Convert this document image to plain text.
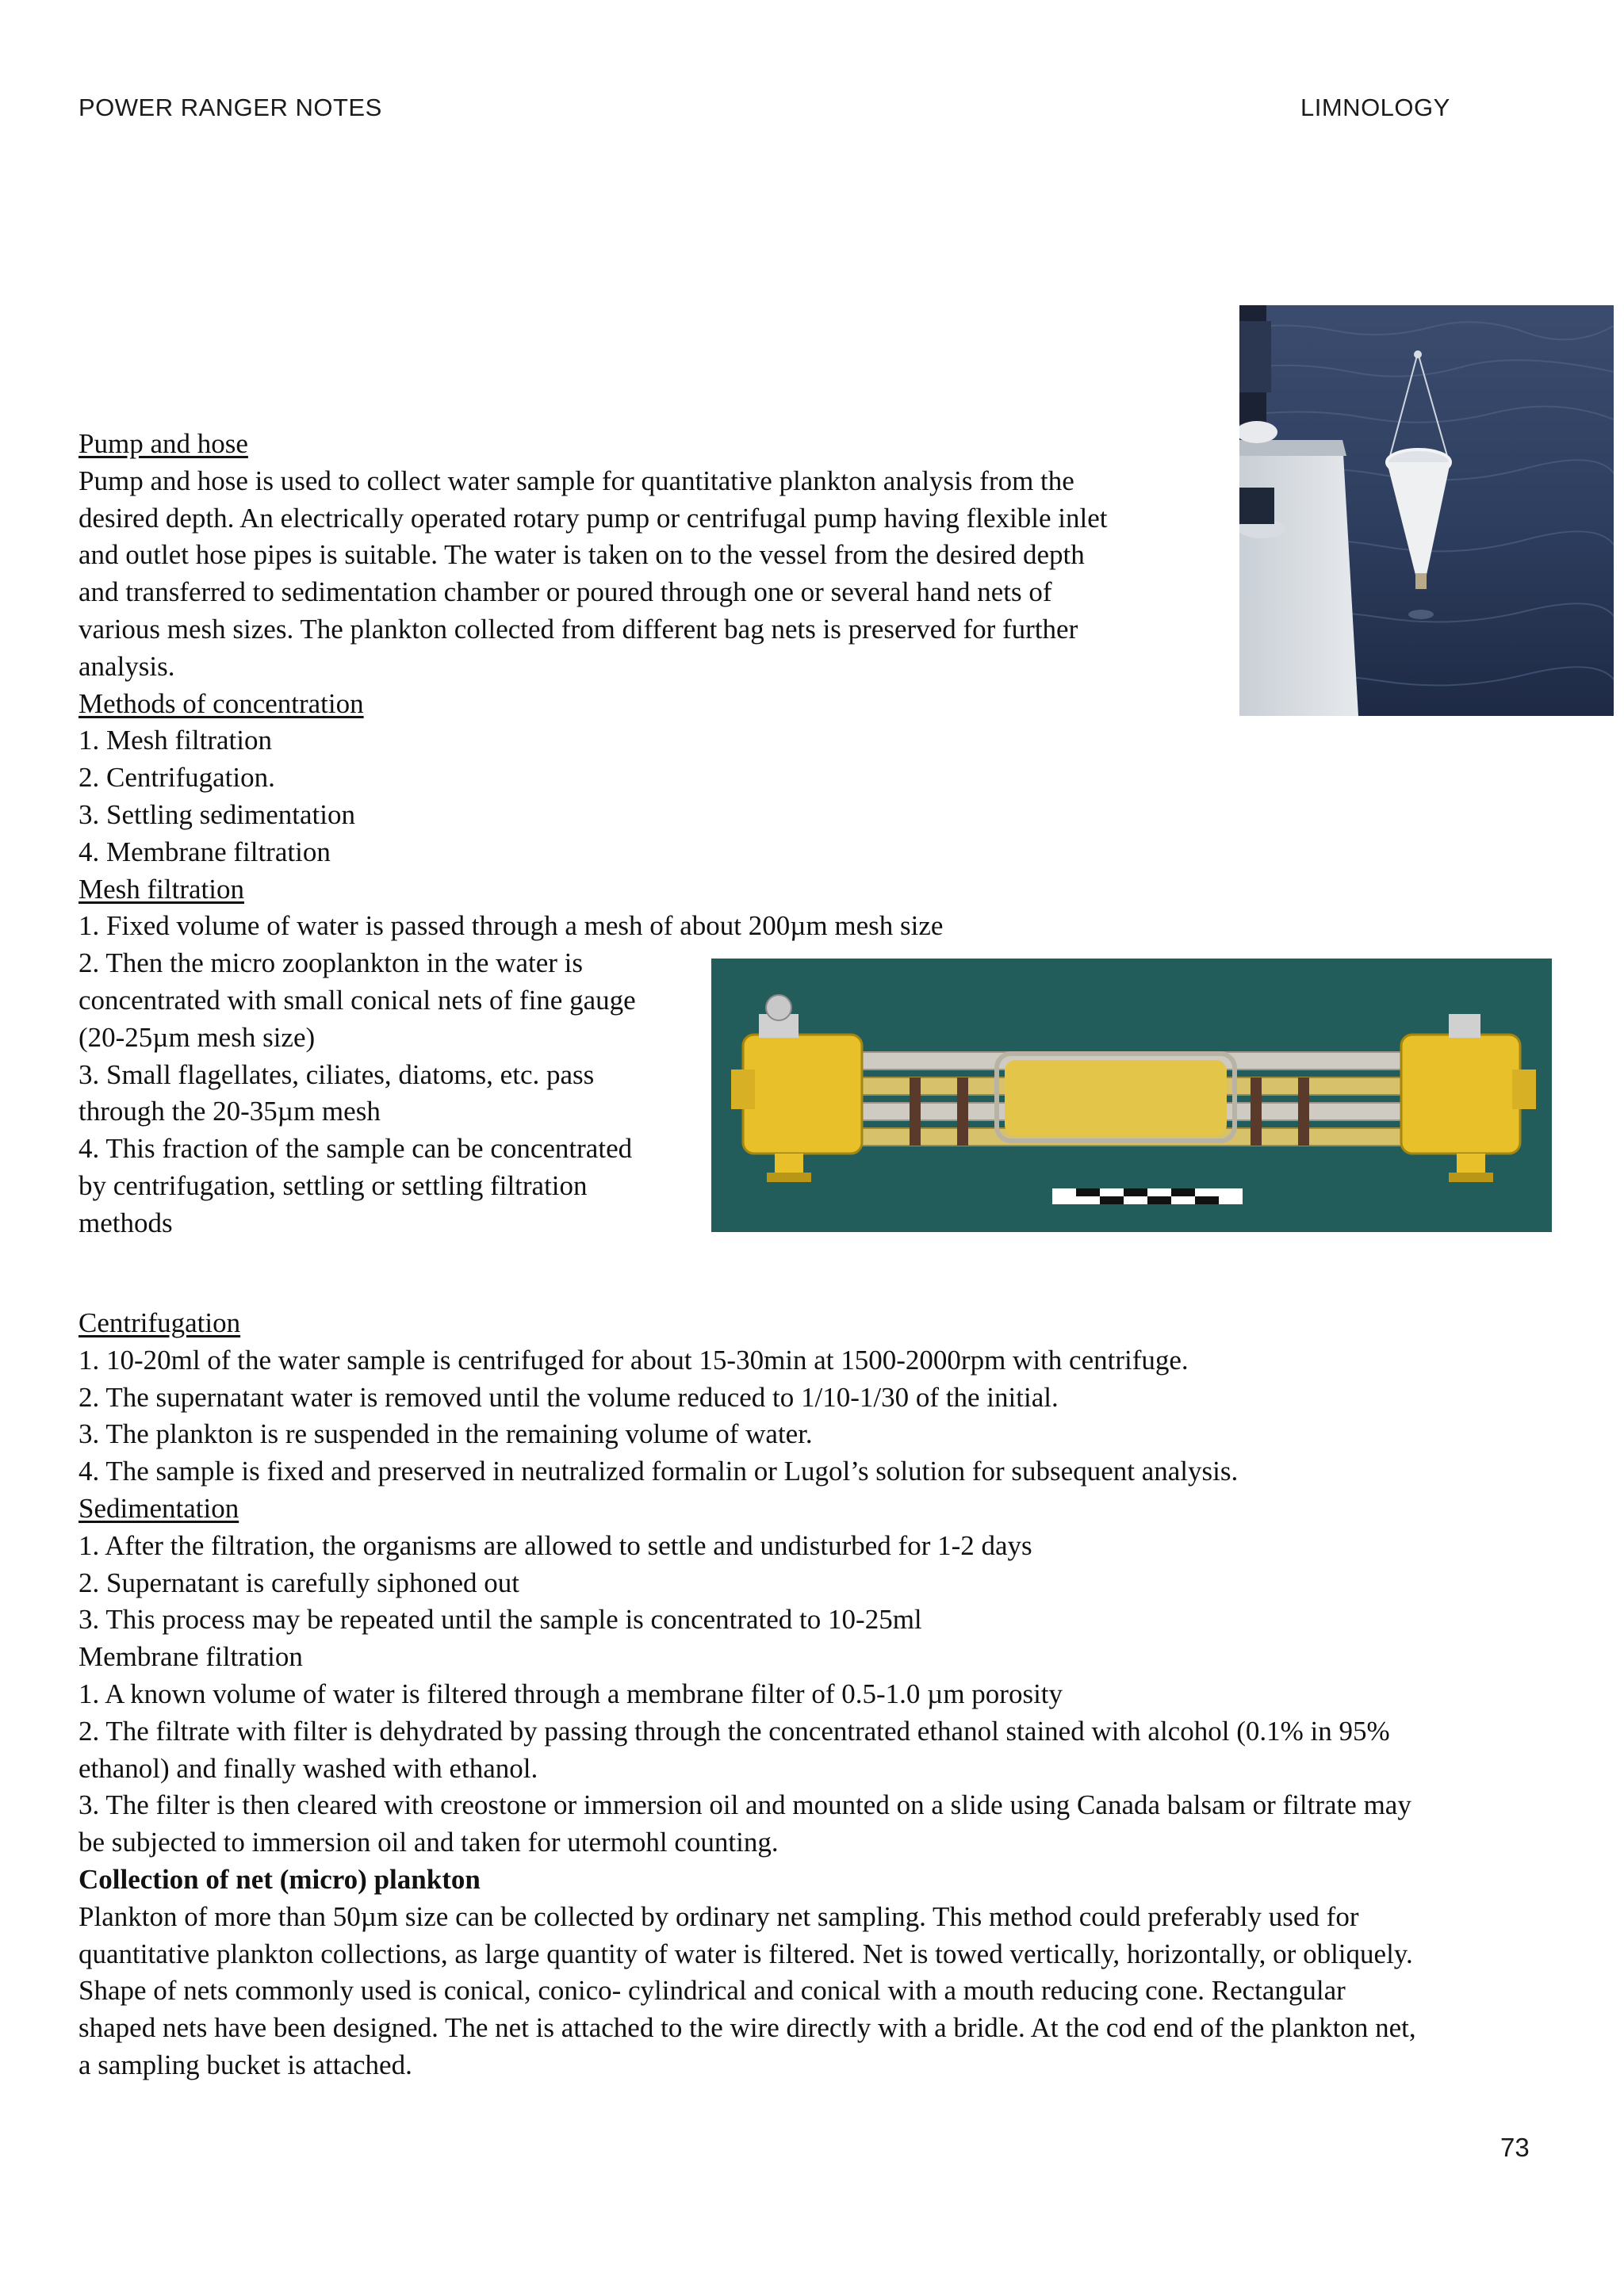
POWER RANGER NOTES	LIMNOLOGY
Pump and hose
Pump and hose is used to collect water sample for quantitative plankton analysis from the
desired depth. An electrically operated rotary pump or centrifugal pump having flexible inlet
and outlet hose pipes is suitable. The water is taken on to the vessel from the desired depth
and transferred to sedimentation chamber or poured through one or several hand nets of
various mesh sizes. The plankton collected from different bag nets is preserved for further
analysis.
Methods of concentration
1. Mesh filtration
2. Centrifugation.
3. Settling sedimentation
4. Membrane filtration
Mesh filtration
1. Fixed volume of water is passed through a mesh of about 200µm mesh size
2. Then the micro zooplankton in the water is
concentrated with small conical nets of fine gauge
(20-25µm mesh size)
3. Small flagellates, ciliates, diatoms, etc. pass
through the 20-35µm mesh
4. This fraction of the sample can be concentrated
by centrifugation, settling or settling filtration
methods
Centrifugation
1. 10-20ml of the water sample is centrifuged for about 15-30min at 1500-2000rpm with centrifuge.
2. The supernatant water is removed until the volume reduced to 1/10-1/30 of the initial.
3. The plankton is re suspended in the remaining volume of water.
4. The sample is fixed and preserved in neutralized formalin or Lugol’s solution for subsequent analysis.
Sedimentation
1. After the filtration, the organisms are allowed to settle and undisturbed for 1-2 days
2. Supernatant is carefully siphoned out
3. This process may be repeated until the sample is concentrated to 10-25ml
Membrane filtration
1. A known volume of water is filtered through a membrane filter of 0.5-1.0 µm porosity
2. The filtrate with filter is dehydrated by passing through the concentrated ethanol stained with alcohol (0.1% in 95%
ethanol) and finally washed with ethanol.
3. The filter is then cleared with creostone or immersion oil and mounted on a slide using Canada balsam or filtrate may
be subjected to immersion oil and taken for utermohl counting.
Collection of net (micro) plankton
Plankton of more than 50µm size can be collected by ordinary net sampling. This method could preferably used for
quantitative plankton collections, as large quantity of water is filtered. Net is towed vertically, horizontally, or obliquely.
Shape of nets commonly used is conical, conico- cylindrical and conical with a mouth reducing cone. Rectangular
shaped nets have been designed. The net is attached to the wire directly with a bridle. At the cod end of the plankton net,
a sampling bucket is attached.
73
